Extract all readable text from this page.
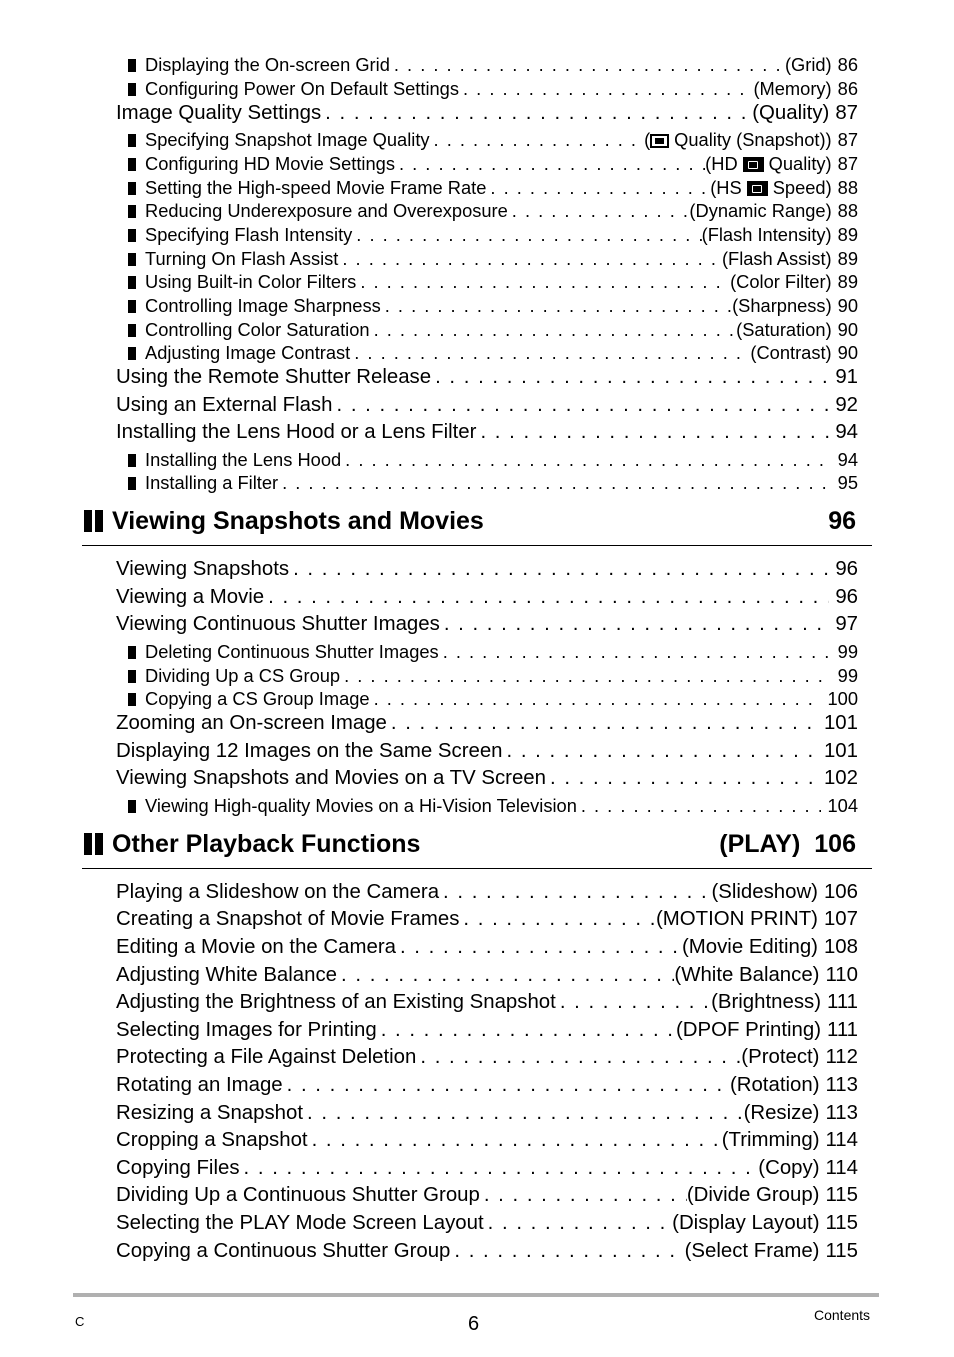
Displaying the On-screen Grid . . .	(Grid) 86
Configuring Power On Default Settings . . .	(Memory) 86
Image Quality Settings . . .	(Quality) 87
Specifying Snapshot Image Quality . . .	( Quality (Snapshot)) 87
Configuring HD Movie Settings . . .	(HD Quality) 87
Setting the High-speed Movie Frame Rate . . .	(HS Speed) 88
Reducing Underexposure and Overexposure . . .	(Dynamic Range) 88
Specifying Flash Intensity . . .	(Flash Intensity) 89
Turning On Flash Assist . . .	(Flash Assist) 89
Using Built-in Color Filters . . .	(Color Filter) 89
Controlling Image Sharpness . . .	(Sharpness) 90
Controlling Color Saturation . . .	(Saturation) 90
Adjusting Image Contrast . . .	(Contrast) 90
Using the Remote Shutter Release . . .	91
Using an External Flash . . .	92
Installing the Lens Hood or a Lens Filter . . .	94
Installing the Lens Hood . . .	94
Installing a Filter . . .	95
Viewing Snapshots and Movies	96
Viewing Snapshots . . .	96
Viewing a Movie . . .	96
Viewing Continuous Shutter Images . . .	97
Deleting Continuous Shutter Images . . .	99
Dividing Up a CS Group . . .	99
Copying a CS Group Image . . .	100
Zooming an On-screen Image . . .	101
Displaying 12 Images on the Same Screen . . .	101
Viewing Snapshots and Movies on a TV Screen . . .	102
Viewing High-quality Movies on a Hi-Vision Television . . .	104
Other Playback Functions	(PLAY) 106
Playing a Slideshow on the Camera . . .	(Slideshow) 106
Creating a Snapshot of Movie Frames . . .	(MOTION PRINT) 107
Editing a Movie on the Camera . . .	(Movie Editing) 108
Adjusting White Balance . . .	(White Balance) 110
Adjusting the Brightness of an Existing Snapshot . . .	(Brightness) 111
Selecting Images for Printing . . .	(DPOF Printing) 111
Protecting a File Against Deletion . . .	(Protect) 112
Rotating an Image . . .	(Rotation) 113
Resizing a Snapshot . . .	(Resize) 113
Cropping a Snapshot . . .	(Trimming) 114
Copying Files . . .	(Copy) 114
Dividing Up a Continuous Shutter Group . . .	(Divide Group) 115
Selecting the PLAY Mode Screen Layout . . .	(Display Layout) 115
Copying a Continuous Shutter Group . . .	(Select Frame) 115
C	6	Contents
